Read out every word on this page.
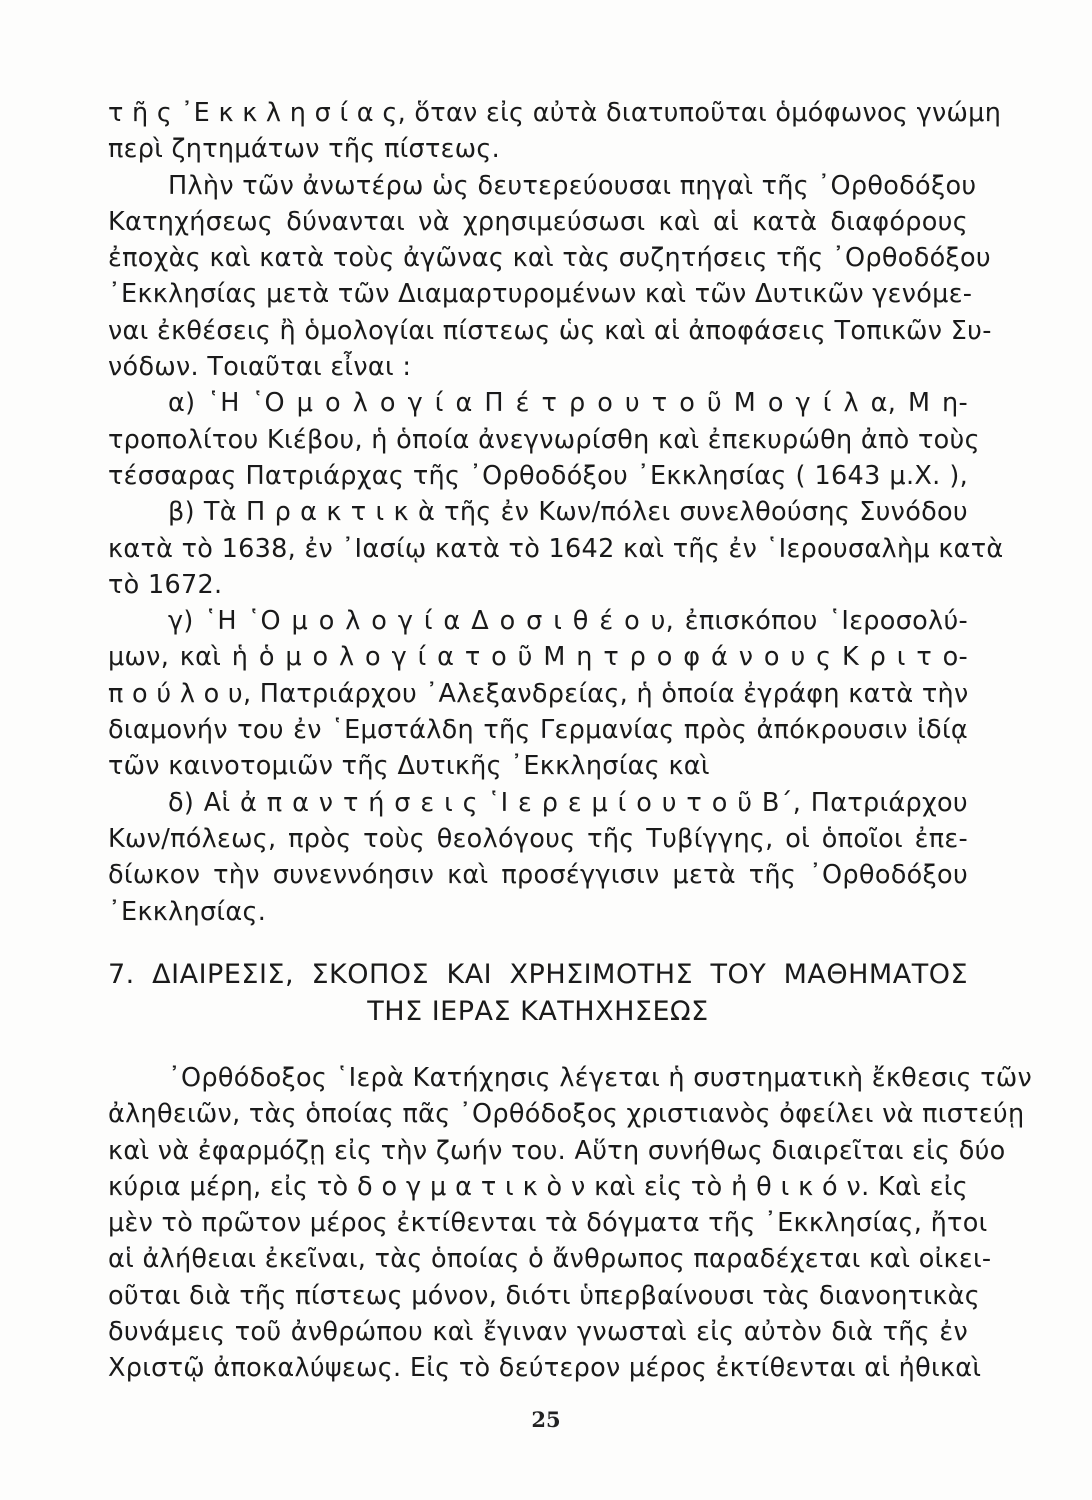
τ ῆ ς ᾿Ε κ κ λ η σ ί α ς, ὅταν εἰς αὐτὰ διατυποῦται ὁμόφωνος γνώμη
περὶ ζητημάτων τῆς πίστεως.
Πλὴν τῶν ἀνωτέρω ὡς δευτερεύουσαι πηγαὶ τῆς ᾿Ορθοδόξου
Κατηχήσεως δύνανται νὰ χρησιμεύσωσι καὶ αἱ κατὰ διαφόρους
ἐποχὰς καὶ κατὰ τοὺς ἀγῶνας καὶ τὰς συζητήσεις τῆς ᾿Ορθοδόξου
᾿Εκκλησίας μετὰ τῶν Διαμαρτυρομένων καὶ τῶν Δυτικῶν γενόμε-
ναι ἐκθέσεις ἢ ὁμολογίαι πίστεως ὡς καὶ αἱ ἀποφάσεις Τοπικῶν Συ-
νόδων. Τοιαῦται εἶναι :
α) ῾Η ῾Ο μ ο λ ο γ ί α Π έ τ ρ ο υ τ ο ῦ Μ ο γ ί λ α, Μ η-
τροπολίτου Κιέβου, ἡ ὁποία ἀνεγνωρίσθη καὶ ἐπεκυρώθη ἀπὸ τοὺς
τέσσαρας Πατριάρχας τῆς ᾿Ορθοδόξου ᾿Εκκλησίας ( 1643 μ.Χ. ),
β) Τὰ Π ρ α κ τ ι κ ὰ τῆς ἐν Κων/πόλει συνελθούσης Συνόδου
κατὰ τὸ 1638, ἐν ᾿Ιασίῳ κατὰ τὸ 1642 καὶ τῆς ἐν ῾Ιερουσαλὴμ κατὰ
τὸ 1672.
γ) ῾Η ῾Ο μ ο λ ο γ ί α Δ ο σ ι θ έ ο υ, ἐπισκόπου ῾Ιεροσολύ-
μων, καὶ ἡ ὁ μ ο λ ο γ ί α τ ο ῦ Μ η τ ρ ο φ ά ν ο υ ς Κ ρ ι τ ο-
π ο ύ λ ο υ, Πατριάρχου ᾿Αλεξανδρείας, ἡ ὁποία ἐγράφη κατὰ τὴν
διαμονήν του ἐν ῾Εμστάλδη τῆς Γερμανίας πρὸς ἀπόκρουσιν ἰδίᾳ
τῶν καινοτομιῶν τῆς Δυτικῆς ᾿Εκκλησίας καὶ
δ) Αἱ ἀ π α ν τ ή σ ε ι ς ῾Ι ε ρ ε μ ί ο υ τ ο ῦ Β΄, Πατριάρχου
Κων/πόλεως, πρὸς τοὺς θεολόγους τῆς Τυβίγγης, οἱ ὁποῖοι ἐπε-
δίωκον τὴν συνεννόησιν καὶ προσέγγισιν μετὰ τῆς ᾿Ορθοδόξου
᾿Εκκλησίας.
7. ΔΙΑΙΡΕΣΙΣ, ΣΚΟΠΟΣ ΚΑΙ ΧΡΗΣΙΜΟΤΗΣ ΤΟΥ ΜΑΘΗΜΑΤΟΣ
ΤΗΣ ΙΕΡΑΣ ΚΑΤΗΧΗΣΕΩΣ
᾿Ορθόδοξος ῾Ιερὰ Κατήχησις λέγεται ἡ συστηματικὴ ἔκθεσις τῶν
ἀληθειῶν, τὰς ὁποίας πᾶς ᾿Ορθόδοξος χριστιανὸς ὀφείλει νὰ πιστεύῃ
καὶ νὰ ἐφαρμόζῃ εἰς τὴν ζωήν του. Αὕτη συνήθως διαιρεῖται εἰς δύο
κύρια μέρη, εἰς τὸ δ ο γ μ α τ ι κ ὸ ν καὶ εἰς τὸ ἠ θ ι κ ό ν. Καὶ εἰς
μὲν τὸ πρῶτον μέρος ἐκτίθενται τὰ δόγματα τῆς ᾿Εκκλησίας, ἤτοι
αἱ ἀλήθειαι ἐκεῖναι, τὰς ὁποίας ὁ ἄνθρωπος παραδέχεται καὶ οἰκει-
οῦται διὰ τῆς πίστεως μόνον, διότι ὑπερβαίνουσι τὰς διανοητικὰς
δυνάμεις τοῦ ἀνθρώπου καὶ ἔγιναν γνωσταὶ εἰς αὐτὸν διὰ τῆς ἐν
Χριστῷ ἀποκαλύψεως. Εἰς τὸ δεύτερον μέρος ἐκτίθενται αἱ ἠθικαὶ
25
